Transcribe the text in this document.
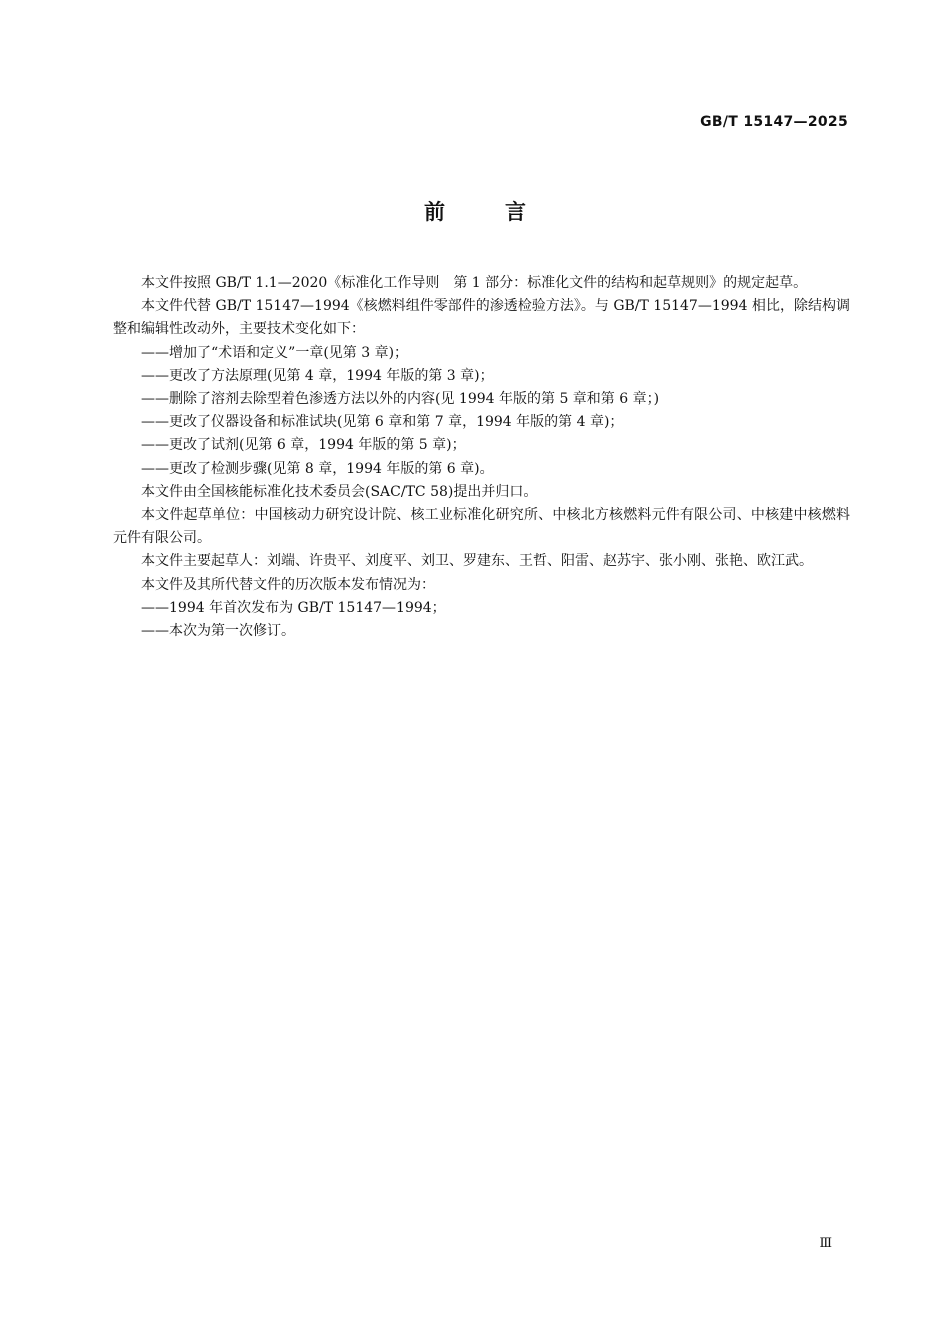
GB/T 15147—2025
前言

本文件按照 GB/T 1.1—2020《标准化工作导则　第 1 部分：标准化文件的结构和起草规则》的规定起草。

本文件代替 GB/T 15147—1994《核燃料组件零部件的渗透检验方法》。与 GB/T 15147—1994 相比，除结构调整和编辑性改动外，主要技术变化如下：

——增加了“术语和定义”一章(见第 3 章)；

——更改了方法原理(见第 4 章，1994 年版的第 3 章)；

——删除了溶剂去除型着色渗透方法以外的内容(见 1994 年版的第 5 章和第 6 章；)

——更改了仪器设备和标准试块(见第 6 章和第 7 章，1994 年版的第 4 章)；

——更改了试剂(见第 6 章，1994 年版的第 5 章)；

——更改了检测步骤(见第 8 章，1994 年版的第 6 章)。

本文件由全国核能标准化技术委员会(SAC/TC 58)提出并归口。

本文件起草单位：中国核动力研究设计院、核工业标准化研究所、中核北方核燃料元件有限公司、中核建中核燃料元件有限公司。

本文件主要起草人：刘端、许贵平、刘度平、刘卫、罗建东、王哲、阳雷、赵苏宇、张小刚、张艳、欧江武。

本文件及其所代替文件的历次版本发布情况为：

——1994 年首次发布为 GB/T 15147—1994；

——本次为第一次修订。

Ⅲ
